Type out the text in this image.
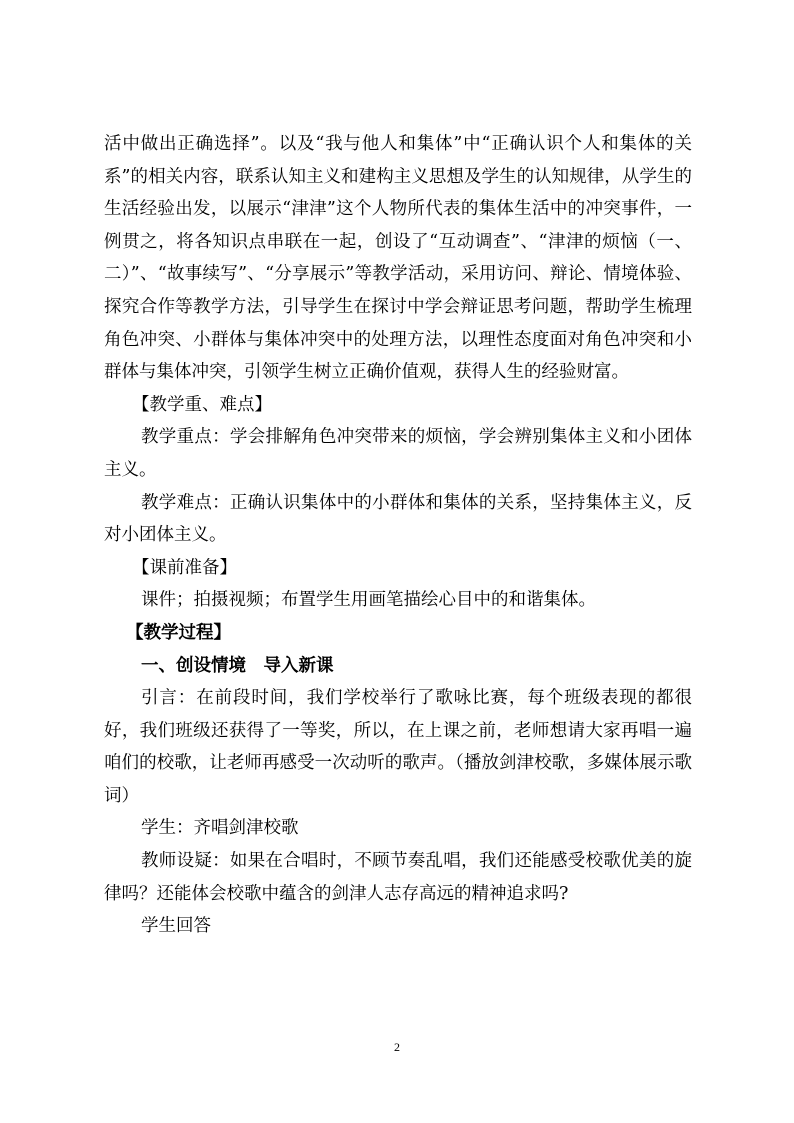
活中做出正确选择”。以及“我与他人和集体”中“正确认识个人和集体的关系”的相关内容，联系认知主义和建构主义思想及学生的认知规律，从学生的生活经验出发，以展示“津津”这个人物所代表的集体生活中的冲突事件，一例贯之，将各知识点串联在一起，创设了“互动调查”、“津津的烦恼（一、二）”、“故事续写”、“分享展示”等教学活动，采用访问、辩论、情境体验、探究合作等教学方法，引导学生在探讨中学会辩证思考问题，帮助学生梳理角色冲突、小群体与集体冲突中的处理方法，以理性态度面对角色冲突和小群体与集体冲突，引领学生树立正确价值观，获得人生的经验财富。

【教学重、难点】

教学重点：学会排解角色冲突带来的烦恼，学会辨别集体主义和小团体主义。

教学难点：正确认识集体中的小群体和集体的关系，坚持集体主义，反对小团体主义。

【课前准备】

课件；拍摄视频；布置学生用画笔描绘心目中的和谐集体。

【教学过程】

一、创设情境　导入新课

引言：在前段时间，我们学校举行了歌咏比赛，每个班级表现的都很好，我们班级还获得了一等奖，所以，在上课之前，老师想请大家再唱一遍咱们的校歌，让老师再感受一次动听的歌声。（播放剑津校歌，多媒体展示歌词）

学生：齐唱剑津校歌

教师设疑：如果在合唱时，不顾节奏乱唱，我们还能感受校歌优美的旋律吗？还能体会校歌中蕴含的剑津人志存高远的精神追求吗?

学生回答

2
